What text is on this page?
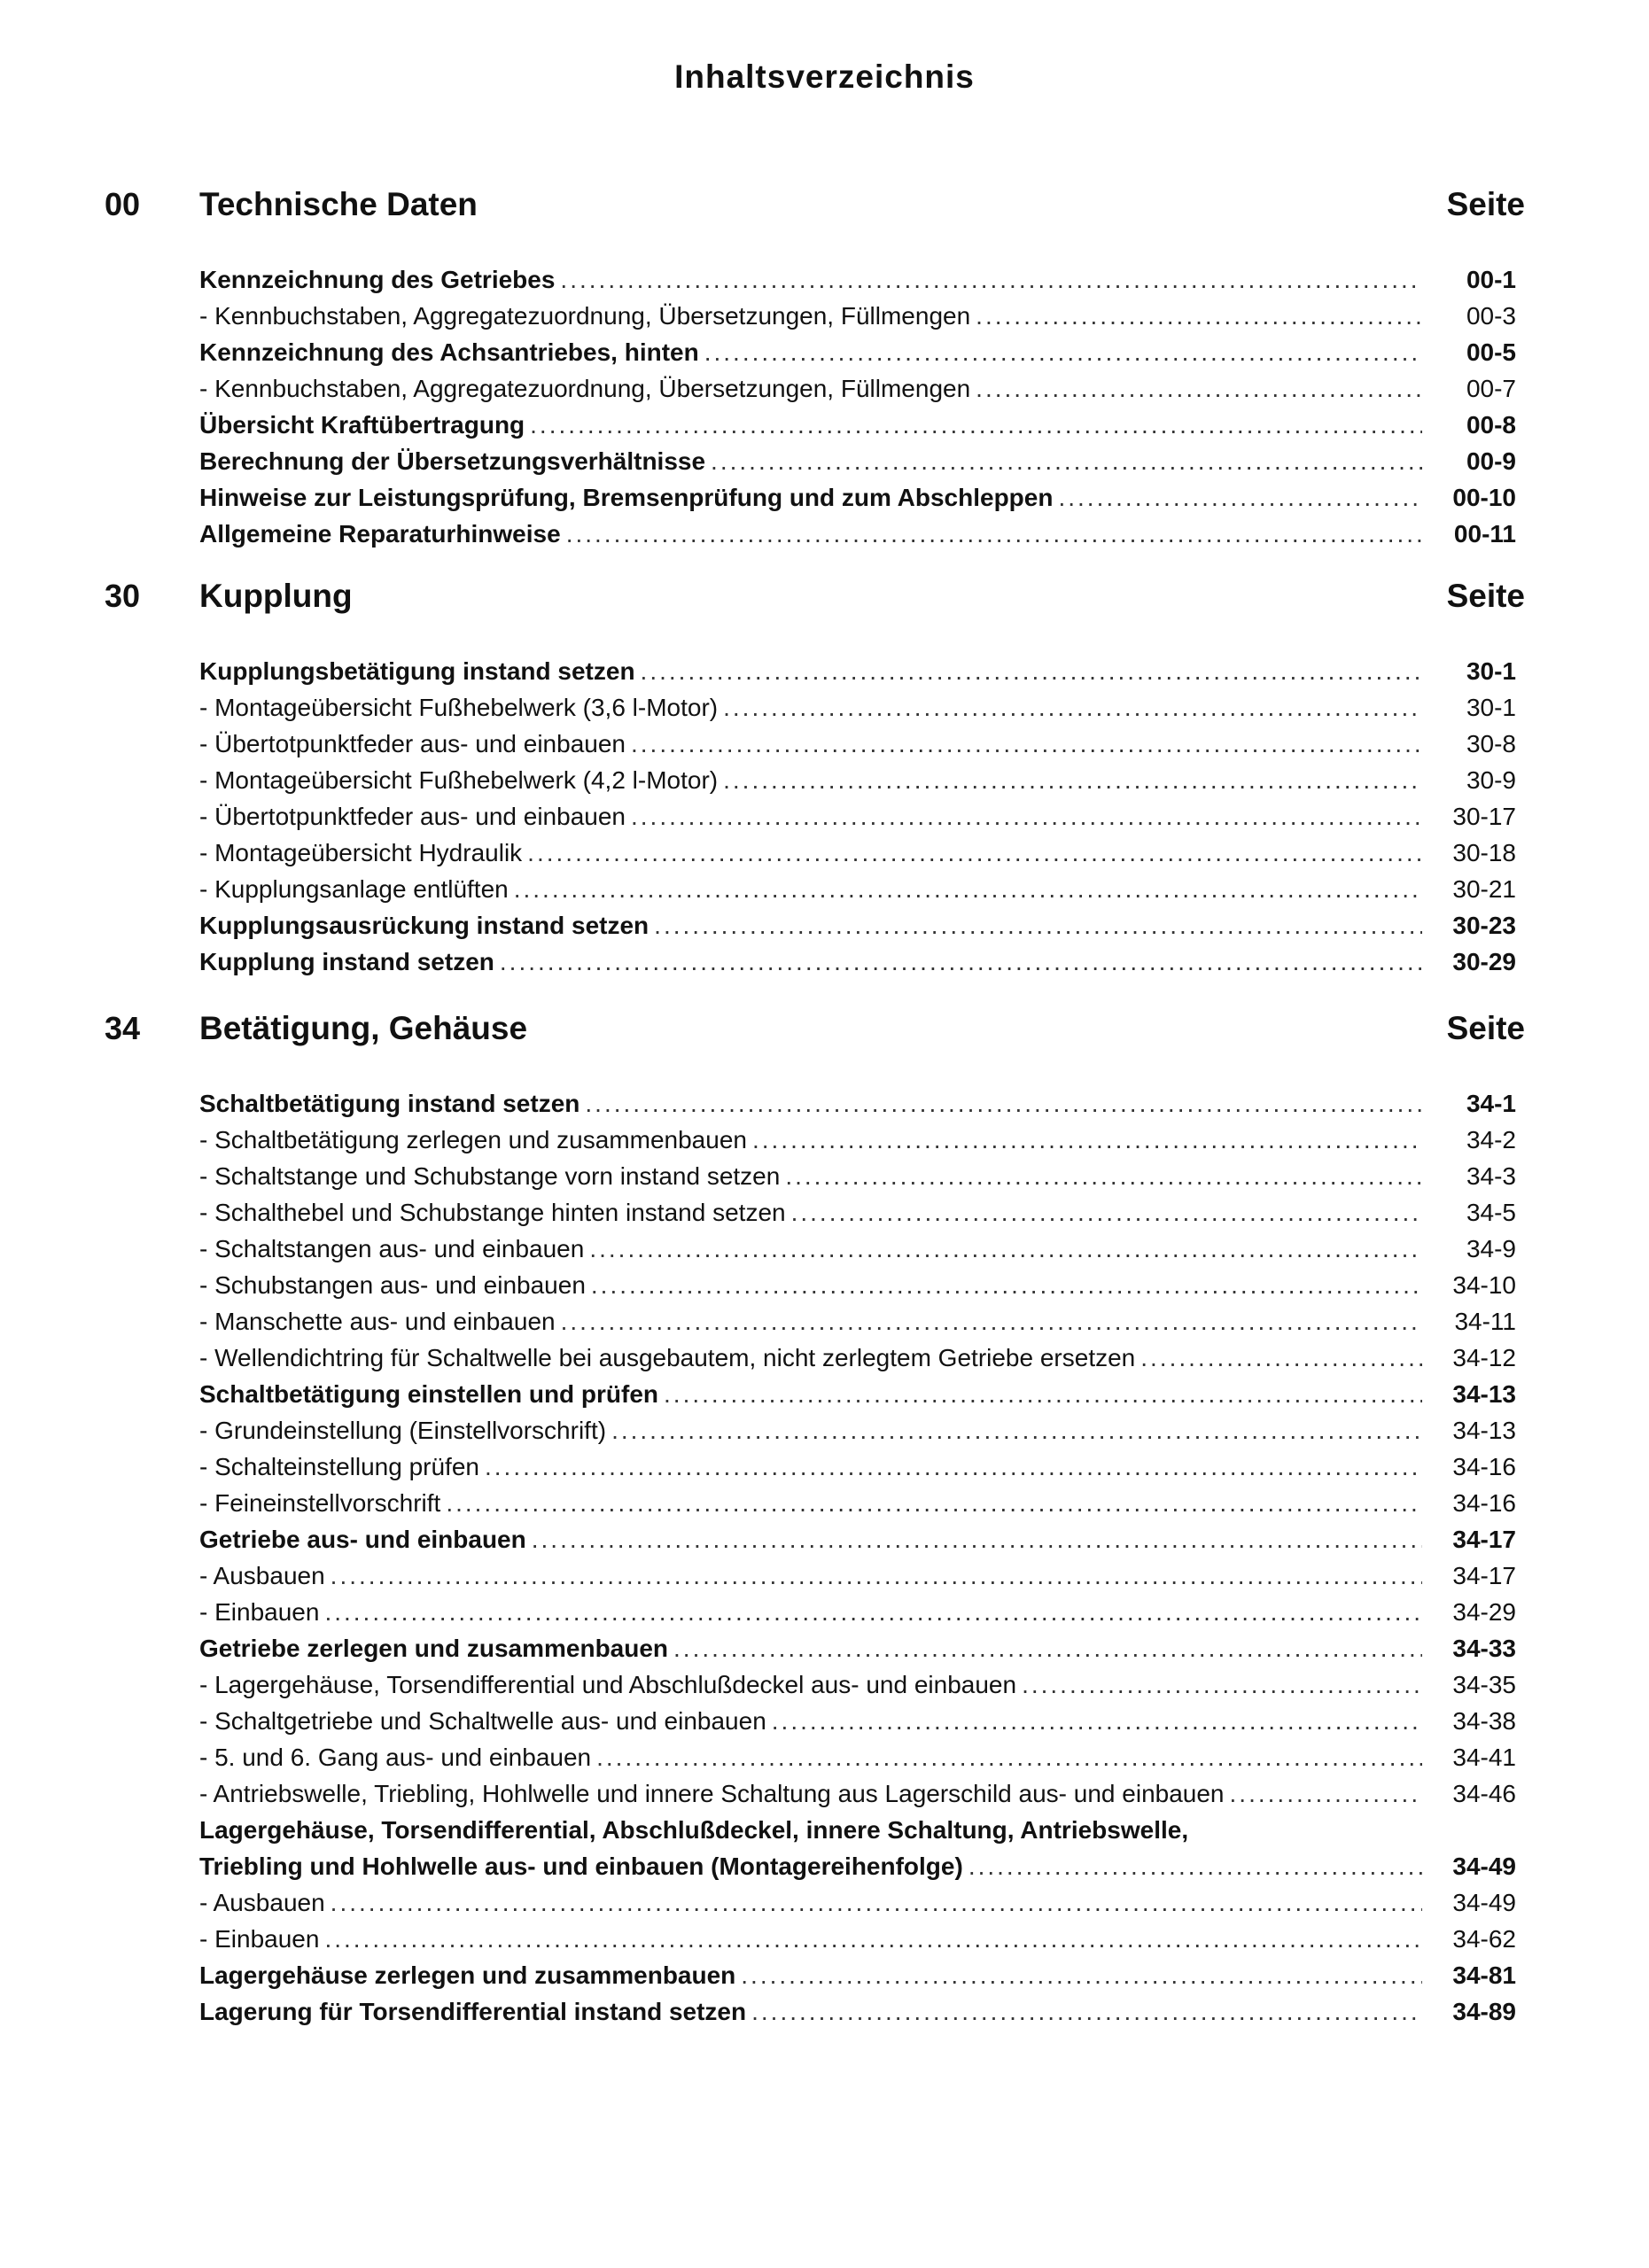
Inhaltsverzeichnis
00 Technische Daten	Seite
Kennzeichnung des Getriebes .....	00-1
- Kennbuchstaben, Aggregatezuordnung, Übersetzungen, Füllmengen .....	00-3
Kennzeichnung des Achsantriebes, hinten .....	00-5
- Kennbuchstaben, Aggregatezuordnung, Übersetzungen, Füllmengen .....	00-7
Übersicht Kraftübertragung .....	00-8
Berechnung der Übersetzungsverhältnisse .....	00-9
Hinweise zur Leistungsprüfung, Bremsenprüfung und zum Abschleppen .....	00-10
Allgemeine Reparaturhinweise .....	00-11
30 Kupplung	Seite
Kupplungsbetätigung instand setzen .....	30-1
- Montageübersicht Fußhebelwerk (3,6 l-Motor) .....	30-1
- Übertotpunktfeder aus- und einbauen .....	30-8
- Montageübersicht Fußhebelwerk (4,2 l-Motor) .....	30-9
- Übertotpunktfeder aus- und einbauen .....	30-17
- Montageübersicht Hydraulik .....	30-18
- Kupplungsanlage entlüften .....	30-21
Kupplungsausrückung instand setzen .....	30-23
Kupplung instand setzen .....	30-29
34 Betätigung, Gehäuse	Seite
Schaltbetätigung instand setzen .....	34-1
- Schaltbetätigung zerlegen und zusammenbauen .....	34-2
- Schaltstange und Schubstange vorn instand setzen .....	34-3
- Schalthebel und Schubstange hinten instand setzen .....	34-5
- Schaltstangen aus- und einbauen .....	34-9
- Schubstangen aus- und einbauen .....	34-10
- Manschette aus- und einbauen .....	34-11
- Wellendichtring für Schaltwelle bei ausgebautem, nicht zerlegtem Getriebe ersetzen .....	34-12
Schaltbetätigung einstellen und prüfen .....	34-13
- Grundeinstellung (Einstellvorschrift) .....	34-13
- Schalteinstellung prüfen .....	34-16
- Feineinstellvorschrift .....	34-16
Getriebe aus- und einbauen .....	34-17
- Ausbauen .....	34-17
- Einbauen .....	34-29
Getriebe zerlegen und zusammenbauen .....	34-33
- Lagergehäuse, Torsendifferential und Abschlußdeckel aus- und einbauen .....	34-35
- Schaltgetriebe und Schaltwelle aus- und einbauen .....	34-38
- 5. und 6. Gang aus- und einbauen .....	34-41
- Antriebswelle, Triebling, Hohlwelle und innere Schaltung aus Lagerschild aus- und einbauen .....	34-46
Lagergehäuse, Torsendifferential, Abschlußdeckel, innere Schaltung, Antriebswelle,
Triebling und Hohlwelle aus- und einbauen (Montagereihenfolge) .....	34-49
- Ausbauen .....	34-49
- Einbauen .....	34-62
Lagergehäuse zerlegen und zusammenbauen .....	34-81
Lagerung für Torsendifferential instand setzen .....	34-89
